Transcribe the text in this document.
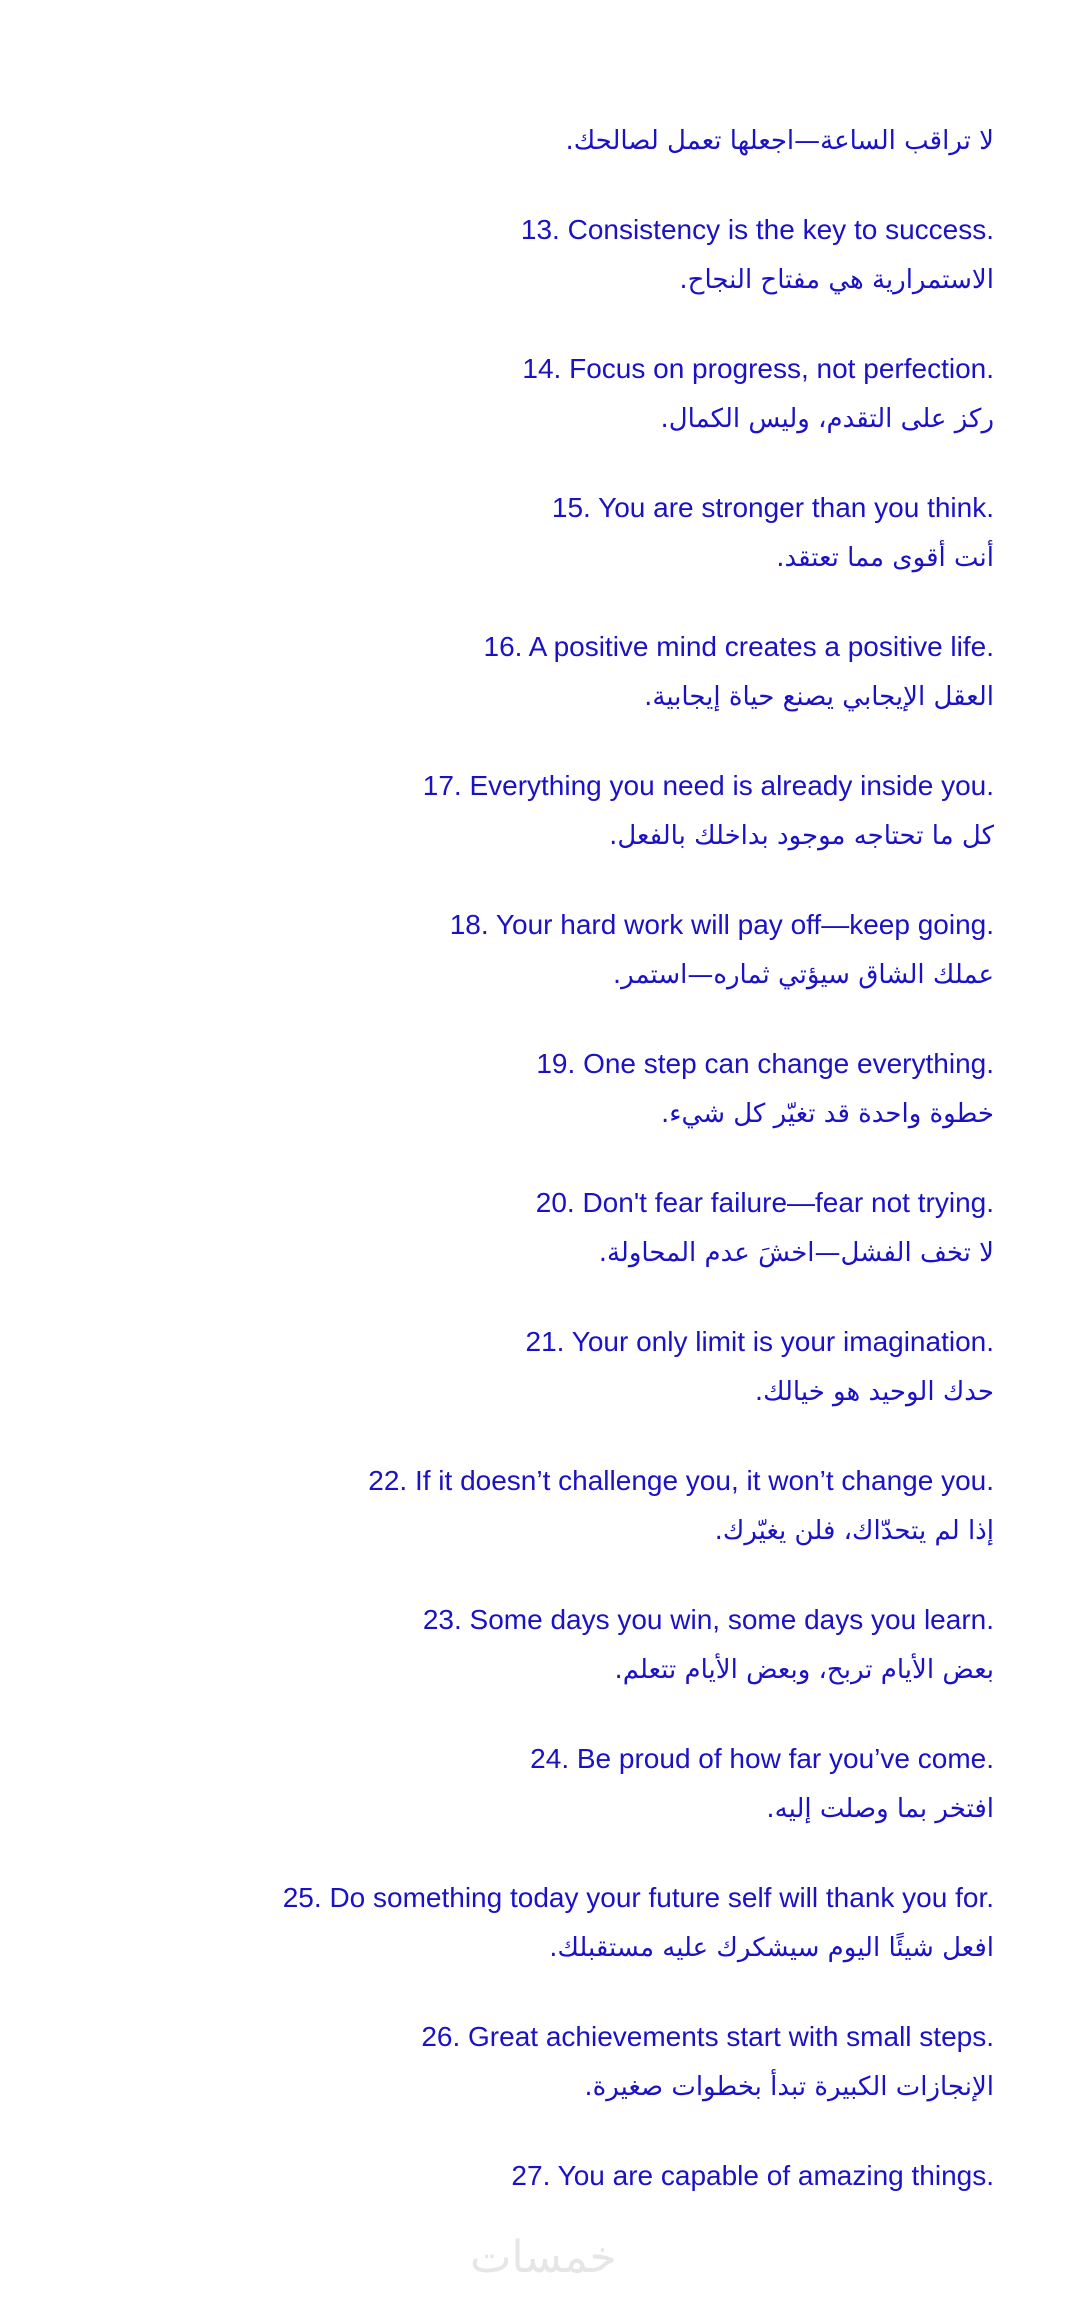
لا تراقب الساعة—اجعلها تعمل لصالحك.
13. Consistency is the key to success.
الاستمرارية هي مفتاح النجاح.
14. Focus on progress, not perfection.
ركز على التقدم، وليس الكمال.
15. You are stronger than you think.
أنت أقوى مما تعتقد.
16. A positive mind creates a positive life.
العقل الإيجابي يصنع حياة إيجابية.
17. Everything you need is already inside you.
كل ما تحتاجه موجود بداخلك بالفعل.
18. Your hard work will pay off—keep going.
عملك الشاق سيؤتي ثماره—استمر.
19. One step can change everything.
خطوة واحدة قد تغيّر كل شيء.
20. Don't fear failure—fear not trying.
لا تخف الفشل—اخشَ عدم المحاولة.
21. Your only limit is your imagination.
حدك الوحيد هو خيالك.
22. If it doesn’t challenge you, it won’t change you.
إذا لم يتحدّاك، فلن يغيّرك.
23. Some days you win, some days you learn.
بعض الأيام تربح، وبعض الأيام تتعلم.
24. Be proud of how far you’ve come.
افتخر بما وصلت إليه.
25. Do something today your future self will thank you for.
افعل شيئًا اليوم سيشكرك عليه مستقبلك.
26. Great achievements start with small steps.
الإنجازات الكبيرة تبدأ بخطوات صغيرة.
27. You are capable of amazing things.
خمسات
